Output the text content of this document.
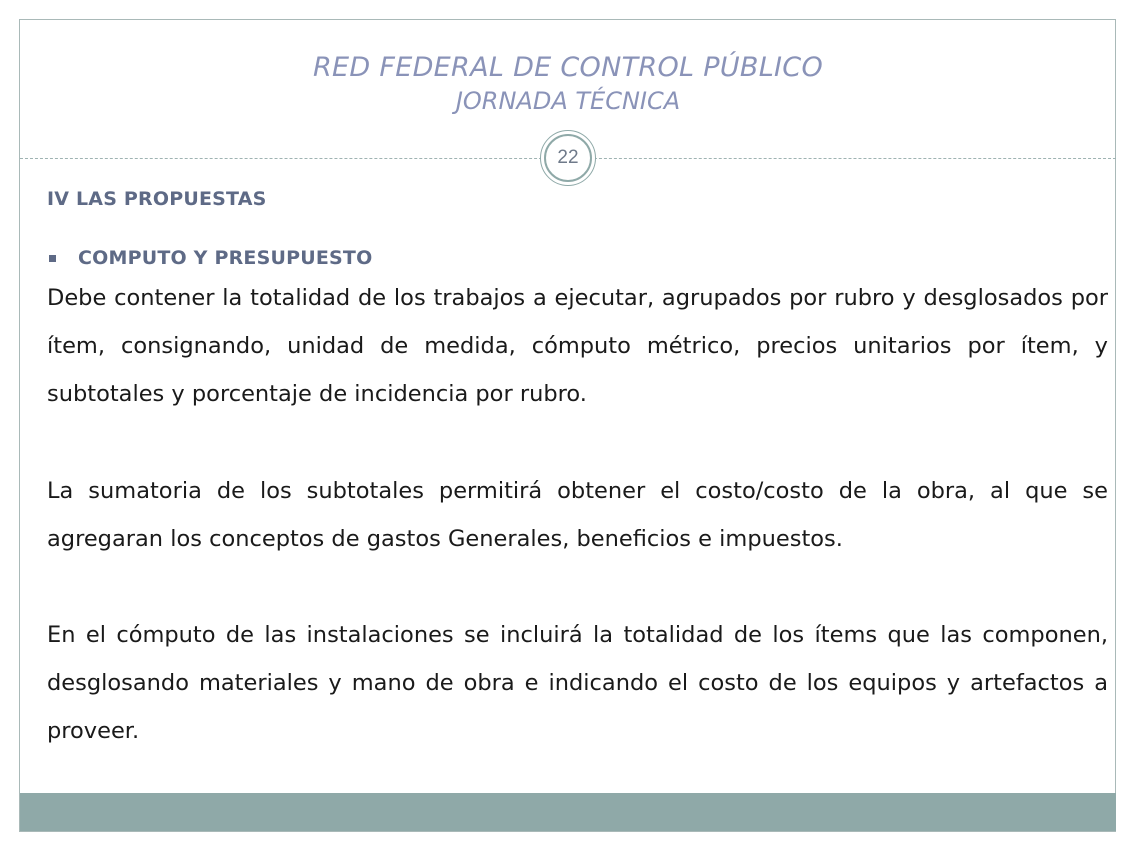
RED FEDERAL DE CONTROL PÚBLICO
JORNADA TÉCNICA
22
IV LAS PROPUESTAS
COMPUTO Y PRESUPUESTO

Debe contener la totalidad de los trabajos a ejecutar, agrupados por rubro y desglosados por ítem, consignando, unidad de medida, cómputo métrico, precios unitarios por ítem, y subtotales y porcentaje de incidencia por rubro.

La sumatoria de los subtotales permitirá obtener el costo/costo de la obra, al que se agregaran los conceptos de gastos Generales, beneficios e impuestos.

En el cómputo de las instalaciones se incluirá la totalidad de los ítems que las componen, desglosando materiales y mano de obra e indicando el costo de los equipos y artefactos a proveer.
